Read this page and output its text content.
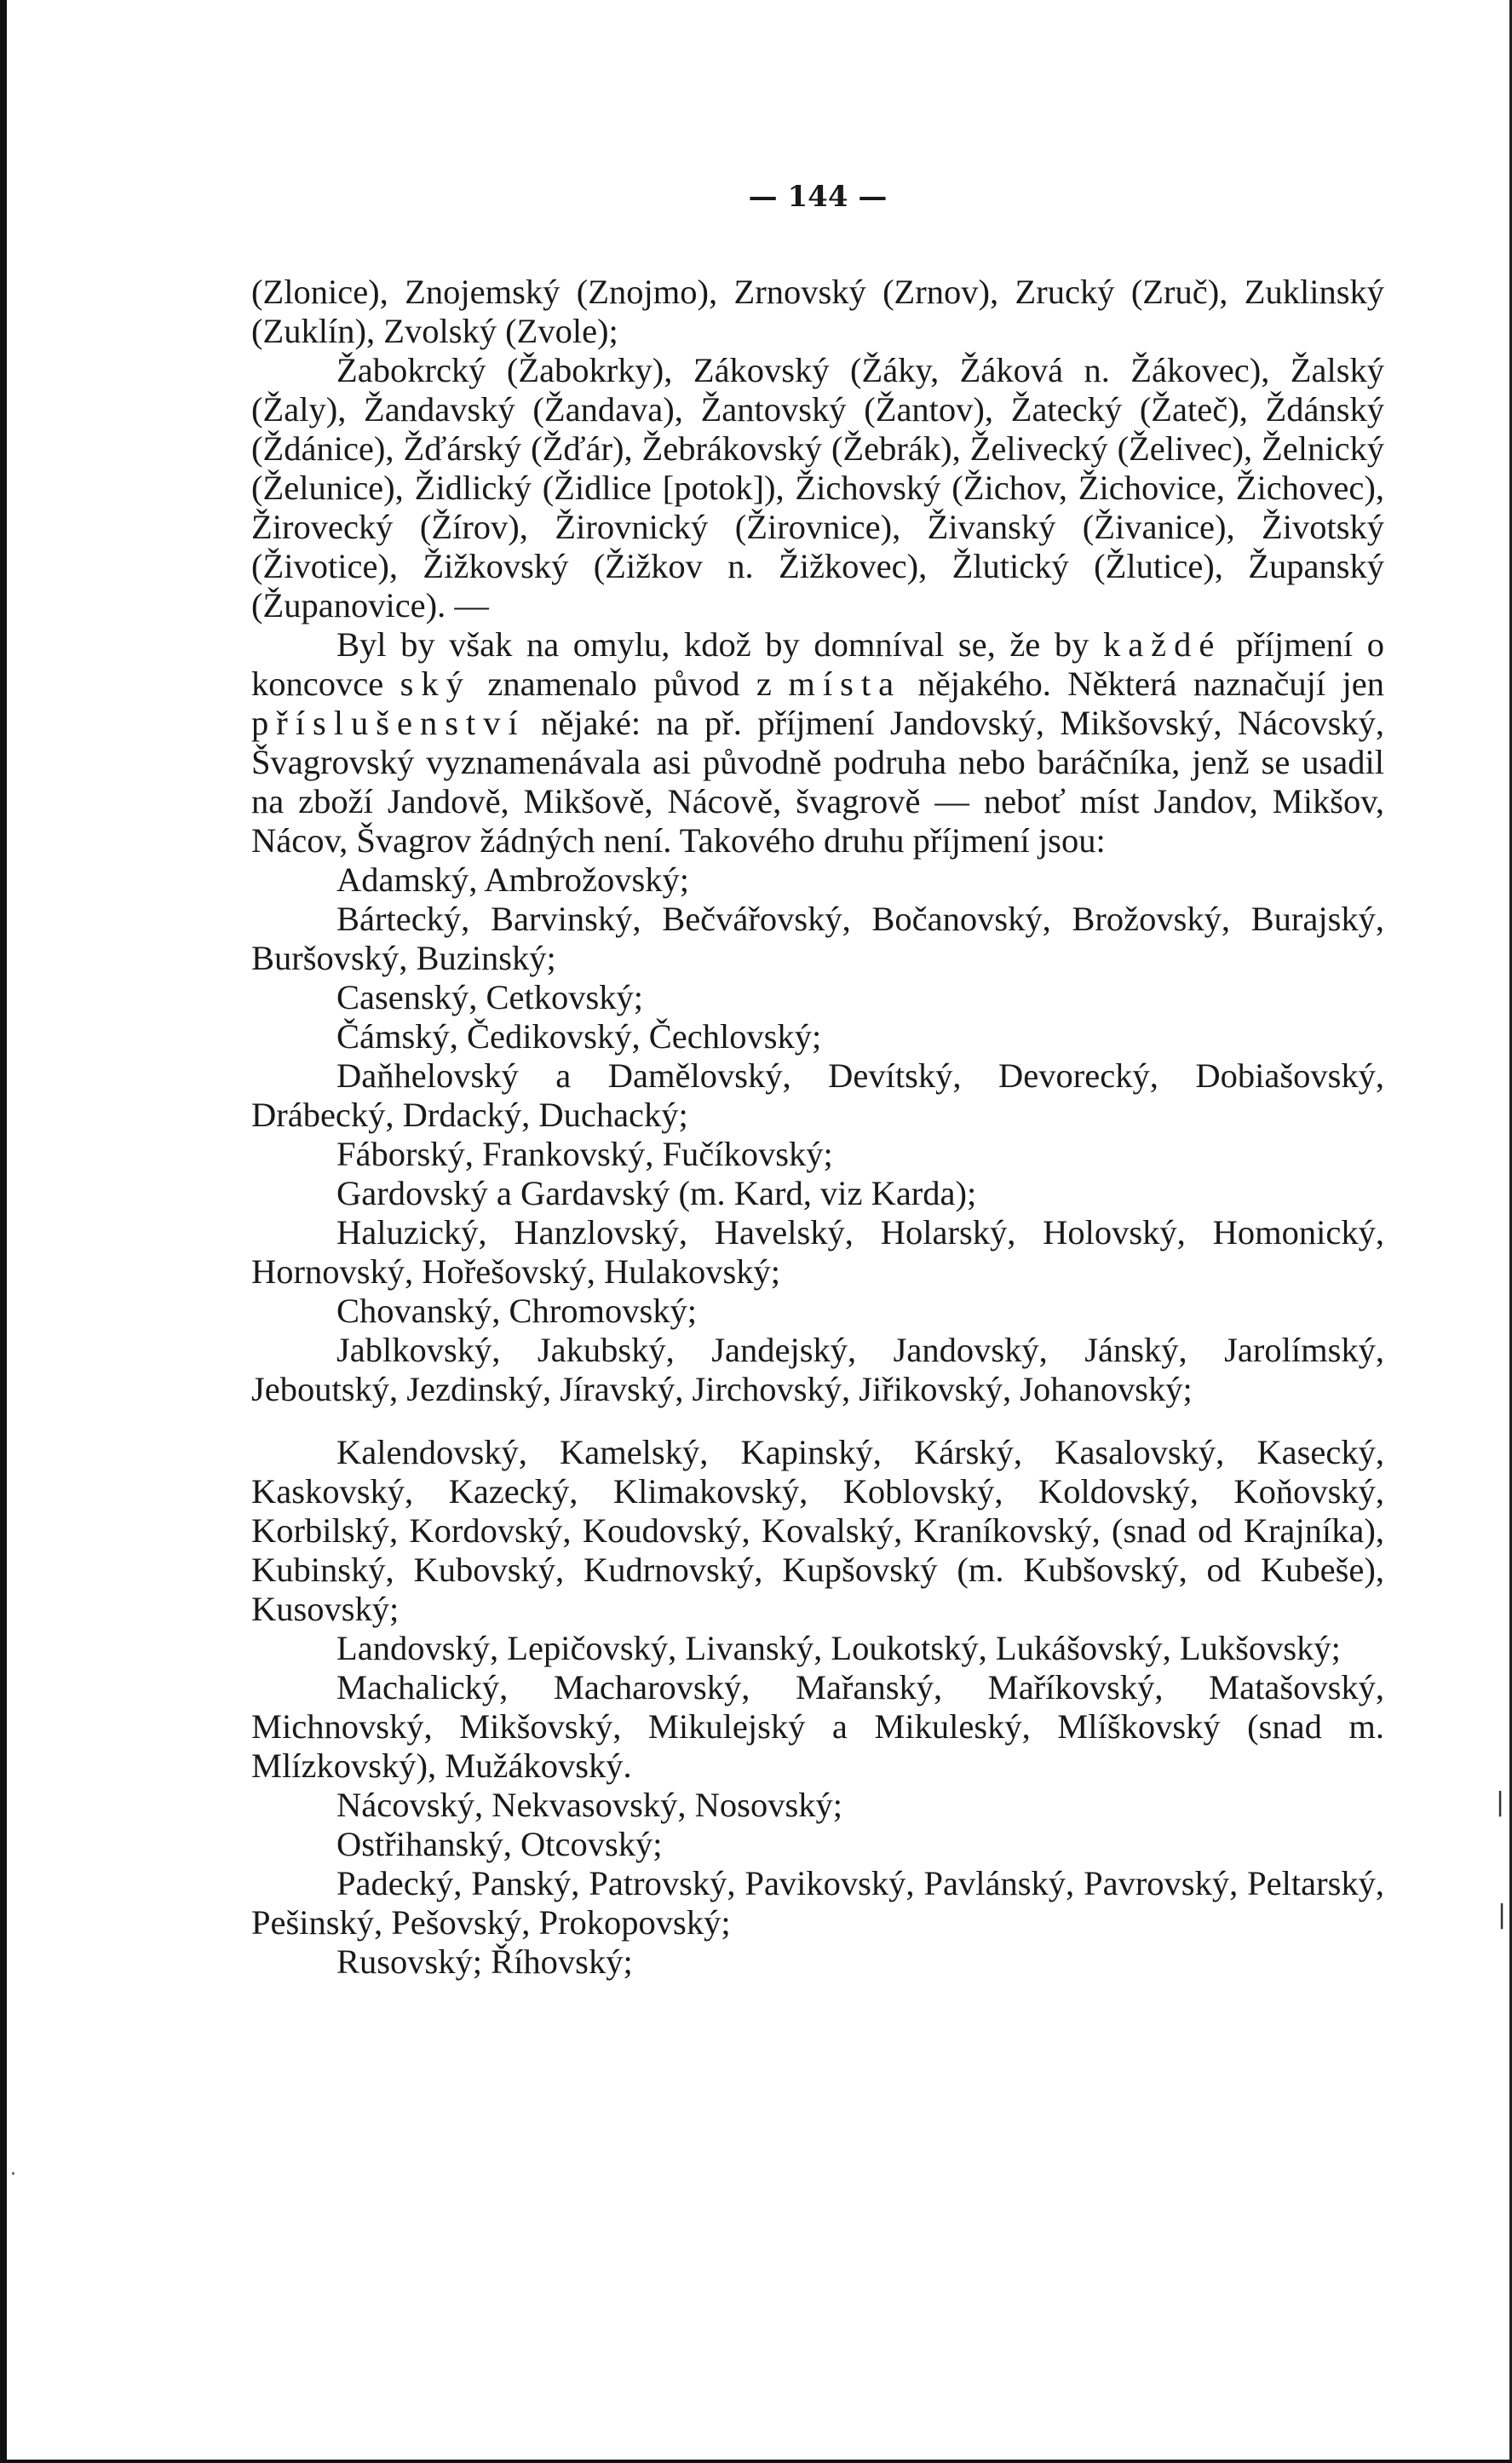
— 144 —

(Zlonice), Znojemský (Znojmo), Zrnovský (Zrnov), Zrucký (Zruč), Zuklinský (Zuklín), Zvolský (Zvole);

Žabokrcký (Žabokrky), Zákovský (Žáky, Žáková n. Žákovec), Žalský (Žaly), Žandavský (Žandava), Žantovský (Žantov), Žatecký (Žateč), Ždánský (Ždánice), Žďárský (Žďár), Žebrákovský (Žebrák), Želivecký (Želivec), Želnický (Želunice), Židlický (Židlice [potok]), Žichovský (Žichov, Žichovice, Žichovec), Žirovecký (Žírov), Žirovnický (Žirovnice), Živanský (Živanice), Životský (Životice), Žižkovský (Žižkov n. Žižkovec), Žlutický (Žlutice), Županský (Županovice). —

Byl by však na omylu, kdož by domníval se, že by každé příjmení o koncovce ský znamenalo původ z místa nějakého. Některá naznačují jen příslušenství nějaké: na př. příjmení Jandovský, Mikšovský, Nácovský, Švagrovský vyznamenávala asi původně podruha nebo baráčníka, jenž se usadil na zboží Jandově, Mikšově, Nácově, švagrově — neboť míst Jandov, Mikšov, Nácov, Švagrov žádných není. Takového druhu příjmení jsou:

Adamský, Ambrožovský;

Bártecký, Barvinský, Bečvářovský, Bočanovský, Brožovský, Burajský, Buršovský, Buzinský;

Casenský, Cetkovský;

Čámský, Čedikovský, Čechlovský;

Daňhelovský a Damělovský, Devítský, Devorecký, Dobiašovský, Drábecký, Drdacký, Duchacký;

Fáborský, Frankovský, Fučíkovský;

Gardovský a Gardavský (m. Kard, viz Karda);

Haluzický, Hanzlovský, Havelský, Holarský, Holovský, Homonický, Hornovský, Hořešovský, Hulakovský;

Chovanský, Chromovský;

Jablkovský, Jakubský, Jandejský, Jandovský, Jánský, Jarolímský, Jeboutský, Jezdinský, Jíravský, Jirchovský, Jiřikovský, Johanovský;

Kalendovský, Kamelský, Kapinský, Kárský, Kasalovský, Kasecký, Kaskovský, Kazecký, Klimakovský, Koblovský, Koldovský, Koňovský, Korbilský, Kordovský, Koudovský, Kovalský, Kraníkovský, (snad od Krajníka), Kubinský, Kubovský, Kudrnovský, Kupšovský (m. Kubšovský, od Kubeše), Kusovský;

Landovský, Lepičovský, Livanský, Loukotský, Lukášovský, Lukšovský;

Machalický, Macharovský, Mařanský, Maříkovský, Matašovský, Michnovský, Mikšovský, Mikulejský a Mikuleský, Mlíškovský (snad m. Mlízkovský), Mužákovský.

Nácovský, Nekvasovský, Nosovský;

Ostřihanský, Otcovský;

Padecký, Panský, Patrovský, Pavikovský, Pavlánský, Pavrovský, Peltarský, Pešinský, Pešovský, Prokopovský;

Rusovský; Říhovský;

|
|
·
